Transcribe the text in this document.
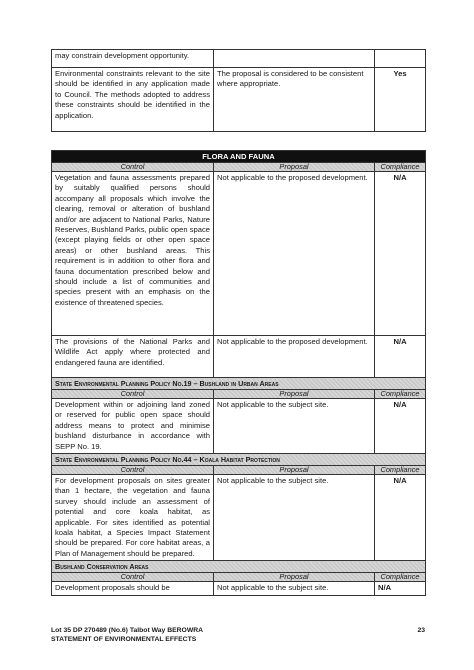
may constrain development opportunity.		
Environmental constraints relevant to the site should be identified in any application made to Council. The methods adopted to address these constraints should be identified in the application.	The proposal is considered to be consistent where appropriate.	Yes
FLORA AND FAUNA		
Control	Proposal	Compliance
Vegetation and fauna assessments prepared by suitably qualified persons should accompany all proposals which involve the clearing, removal or alteration of bushland and/or are adjacent to National Parks, Nature Reserves, Bushland Parks, public open space (except playing fields or other open space areas) or other bushland areas. This requirement is in addition to other flora and fauna documentation prescribed below and should include a list of communities and species present with an emphasis on the existence of threatened species.	Not applicable to the proposed development.	N/A
The provisions of the National Parks and Wildlife Act apply where protected and endangered fauna are identified.	Not applicable to the proposed development.	N/A
State Environmental Planning Policy No.19 – Bushland in Urban Areas		
Control	Proposal	Compliance
Development within or adjoining land zoned or reserved for public open space should address means to protect and minimise bushland disturbance in accordance with SEPP No. 19.	Not applicable to the subject site.	N/A
State Environmental Planning Policy No.44 – Koala Habitat Protection		
Control	Proposal	Compliance
For development proposals on sites greater than 1 hectare, the vegetation and fauna survey should include an assessment of potential and core koala habitat, as applicable. For sites identified as potential koala habitat, a Species Impact Statement should be prepared. For core habitat areas, a Plan of Management should be prepared.	Not applicable to the subject site.	N/A
Bushland Conservation Areas		
Control	Proposal	Compliance
Development proposals should be	Not applicable to the subject site.	N/A
Lot 35 DP 270489 (No.6) Talbot Way BEROWRA
STATEMENT OF ENVIRONMENTAL EFFECTS
23
